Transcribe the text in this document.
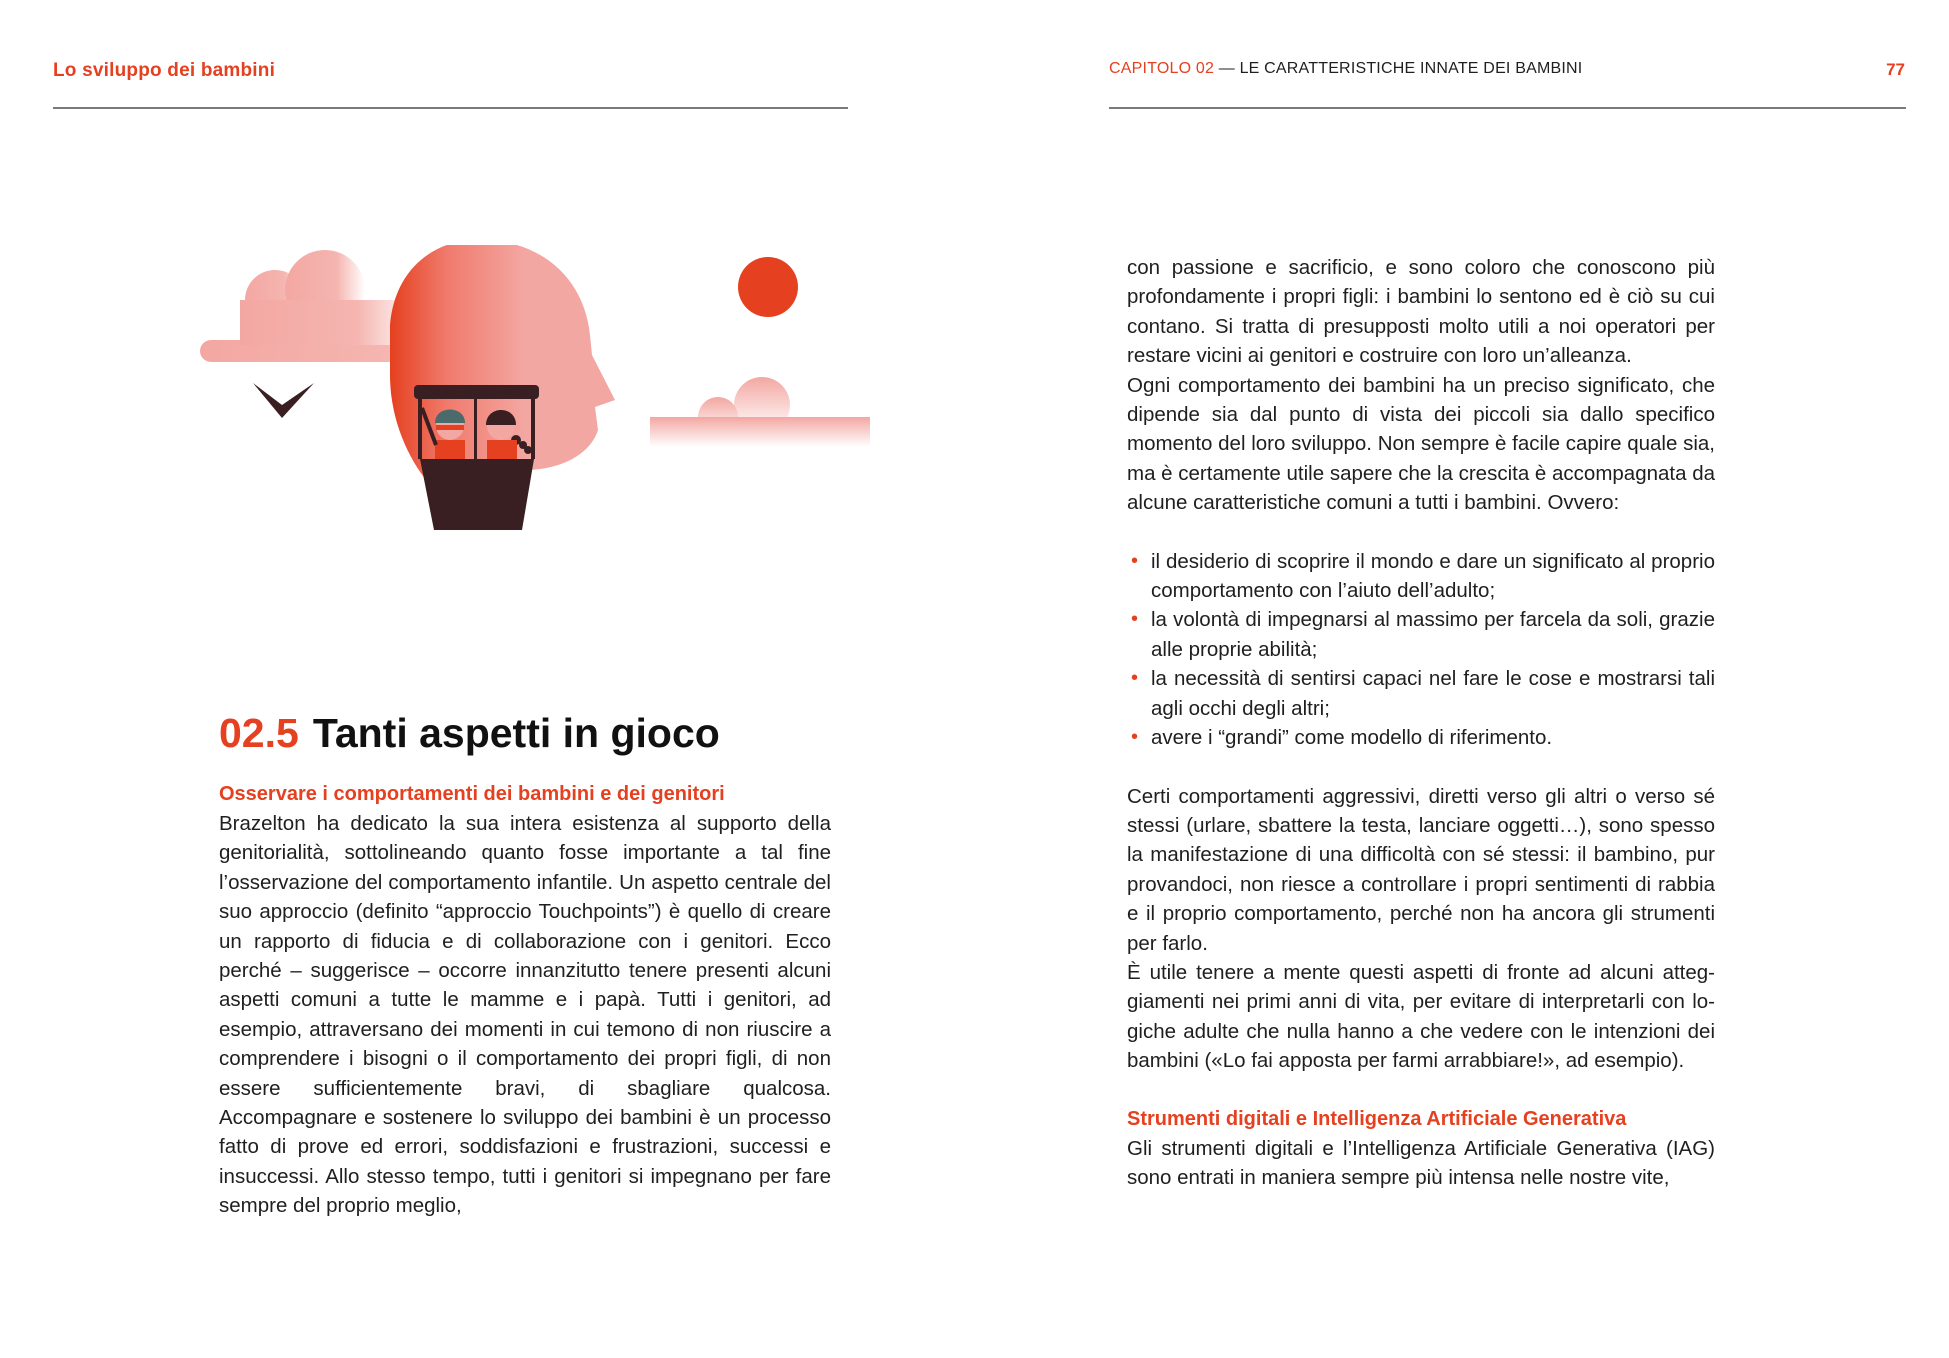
Lo sviluppo dei bambini
02.5 Tanti aspetti in gioco
Osservare i comportamenti dei bambini e dei genitori

Brazelton ha dedicato la sua intera esistenza al supporto della genitorialità, sottolineando quanto fosse importante a tal fine l’osservazione del comportamento infantile. Un aspetto centrale del suo approccio (definito “approccio Touchpoints”) è quello di creare un rapporto di fiducia e di collaborazione con i genitori. Ecco perché – suggerisce – occorre innanzitutto tenere presenti alcuni aspetti comuni a tutte le mamme e i papà. Tutti i genitori, ad esempio, attraversano dei momenti in cui temono di non riuscire a comprendere i bisogni o il comportamento dei propri figli, di non essere sufficientemente bravi, di sbagliare qualcosa. Accompagnare e sostenere lo sviluppo dei bambini è un processo fatto di prove ed errori, soddisfazioni e frustrazioni, successi e insuccessi. Allo stesso tempo, tutti i genitori si impegnano per fare sempre del proprio meglio,

CAPITOLO 02 — LE CARATTERISTICHE INNATE DEI BAMBINI	77

con passione e sacrificio, e sono coloro che conoscono più profondamente i propri figli: i bambini lo sentono ed è ciò su cui contano. Si tratta di presupposti molto utili a noi operatori per restare vicini ai genitori e costruire con loro un’alleanza.

Ogni comportamento dei bambini ha un preciso significato, che dipende sia dal punto di vista dei piccoli sia dallo specifico momento del loro sviluppo. Non sempre è facile capire quale sia, ma è certamente utile sapere che la crescita è accompagnata da alcune caratteristiche comuni a tutti i bambini. Ovvero:

• il desiderio di scoprire il mondo e dare un significato al proprio comportamento con l’aiuto dell’adulto;
• la volontà di impegnarsi al massimo per farcela da soli, grazie alle proprie abilità;
• la necessità di sentirsi capaci nel fare le cose e mostrarsi tali agli occhi degli altri;
• avere i “grandi” come modello di riferimento.

Certi comportamenti aggressivi, diretti verso gli altri o verso sé stessi (urlare, sbattere la testa, lanciare oggetti…), sono spesso la manifestazione di una difficoltà con sé stessi: il bambino, pur provandoci, non riesce a controllare i propri sentimenti di rabbia e il proprio comportamento, perché non ha ancora gli strumenti per farlo.

È utile tenere a mente questi aspetti di fronte ad alcuni atteggiamenti nei primi anni di vita, per evitare di interpretarli con logiche adulte che nulla hanno a che vedere con le intenzioni dei bambini («Lo fai apposta per farmi arrabbiare!», ad esempio).

Strumenti digitali e Intelligenza Artificiale Generativa

Gli strumenti digitali e l’Intelligenza Artificiale Generativa (IAG) sono entrati in maniera sempre più intensa nelle nostre vite,
